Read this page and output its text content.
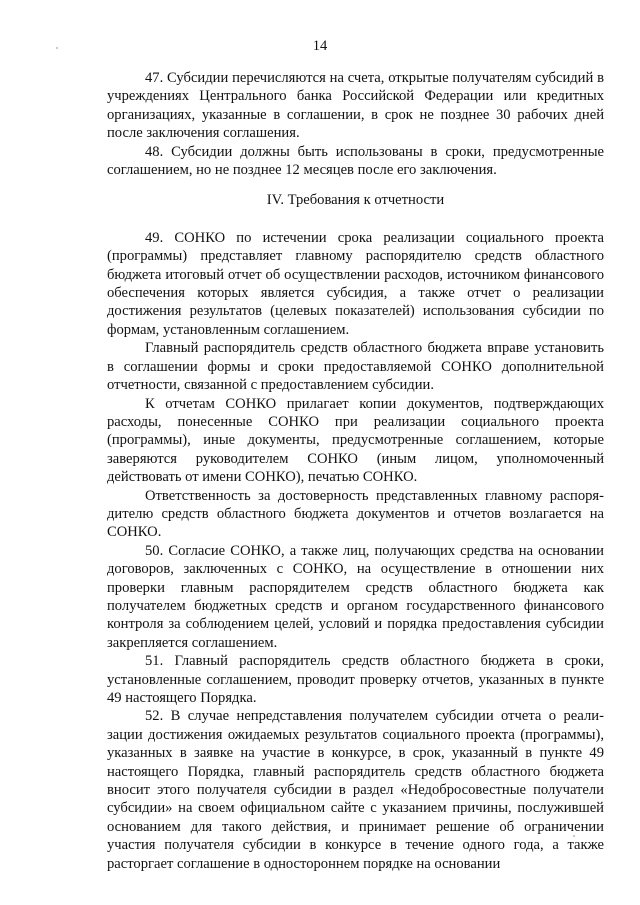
14

47. Субсидии перечисляются на счета, открытые получателям субсидий в учреждениях Центрального банка Российской Федерации или кредитных организациях, указанные в соглашении, в срок не позднее 30 рабочих дней после заключения соглашения.

48. Субсидии должны быть использованы в сроки, предусмотренные соглашением, но не позднее 12 месяцев после его заключения.

IV. Требования к отчетности

49. СОНКО по истечении срока реализации социального проекта (программы) представляет главному распорядителю средств областного бюджета итоговый отчет об осуществлении расходов, источником финансового обеспечения которых является субсидия, а также отчет о реализации достижения результатов (целевых показателей) использования субсидии по формам, установленным соглашением.

Главный распорядитель средств областного бюджета вправе установить в соглашении формы и сроки предоставляемой СОНКО дополнительной отчетности, связанной с предоставлением субсидии.

К отчетам СОНКО прилагает копии документов, подтверждающих расходы, понесенные СОНКО при реализации социального проекта (программы), иные документы, предусмотренные соглашением, которые заверяются руководителем СОНКО (иным лицом, уполномоченный действовать от имени СОНКО), печатью СОНКО.

Ответственность за достоверность представленных главному распорядителю средств областного бюджета документов и отчетов возлагается на СОНКО.

50. Согласие СОНКО, а также лиц, получающих средства на основании договоров, заключенных с СОНКО, на осуществление в отношении них проверки главным распорядителем средств областного бюджета как получателем бюджетных средств и органом государственного финансового контроля за соблюдением целей, условий и порядка предоставления субсидии закрепляется соглашением.

51. Главный распорядитель средств областного бюджета в сроки, установленные соглашением, проводит проверку отчетов, указанных в пункте 49 настоящего Порядка.

52. В случае непредставления получателем субсидии отчета о реализации достижения ожидаемых результатов социального проекта (программы), указанных в заявке на участие в конкурсе, в срок, указанный в пункте 49 настоящего Порядка, главный распорядитель средств областного бюджета вносит этого получателя субсидии в раздел «Недобросовестные получатели субсидии» на своем официальном сайте с указанием причины, послужившей основанием для такого действия, и принимает решение об ограничении участия получателя субсидии в конкурсе в течение одного года, а также расторгает соглашение в одностороннем порядке на основании
